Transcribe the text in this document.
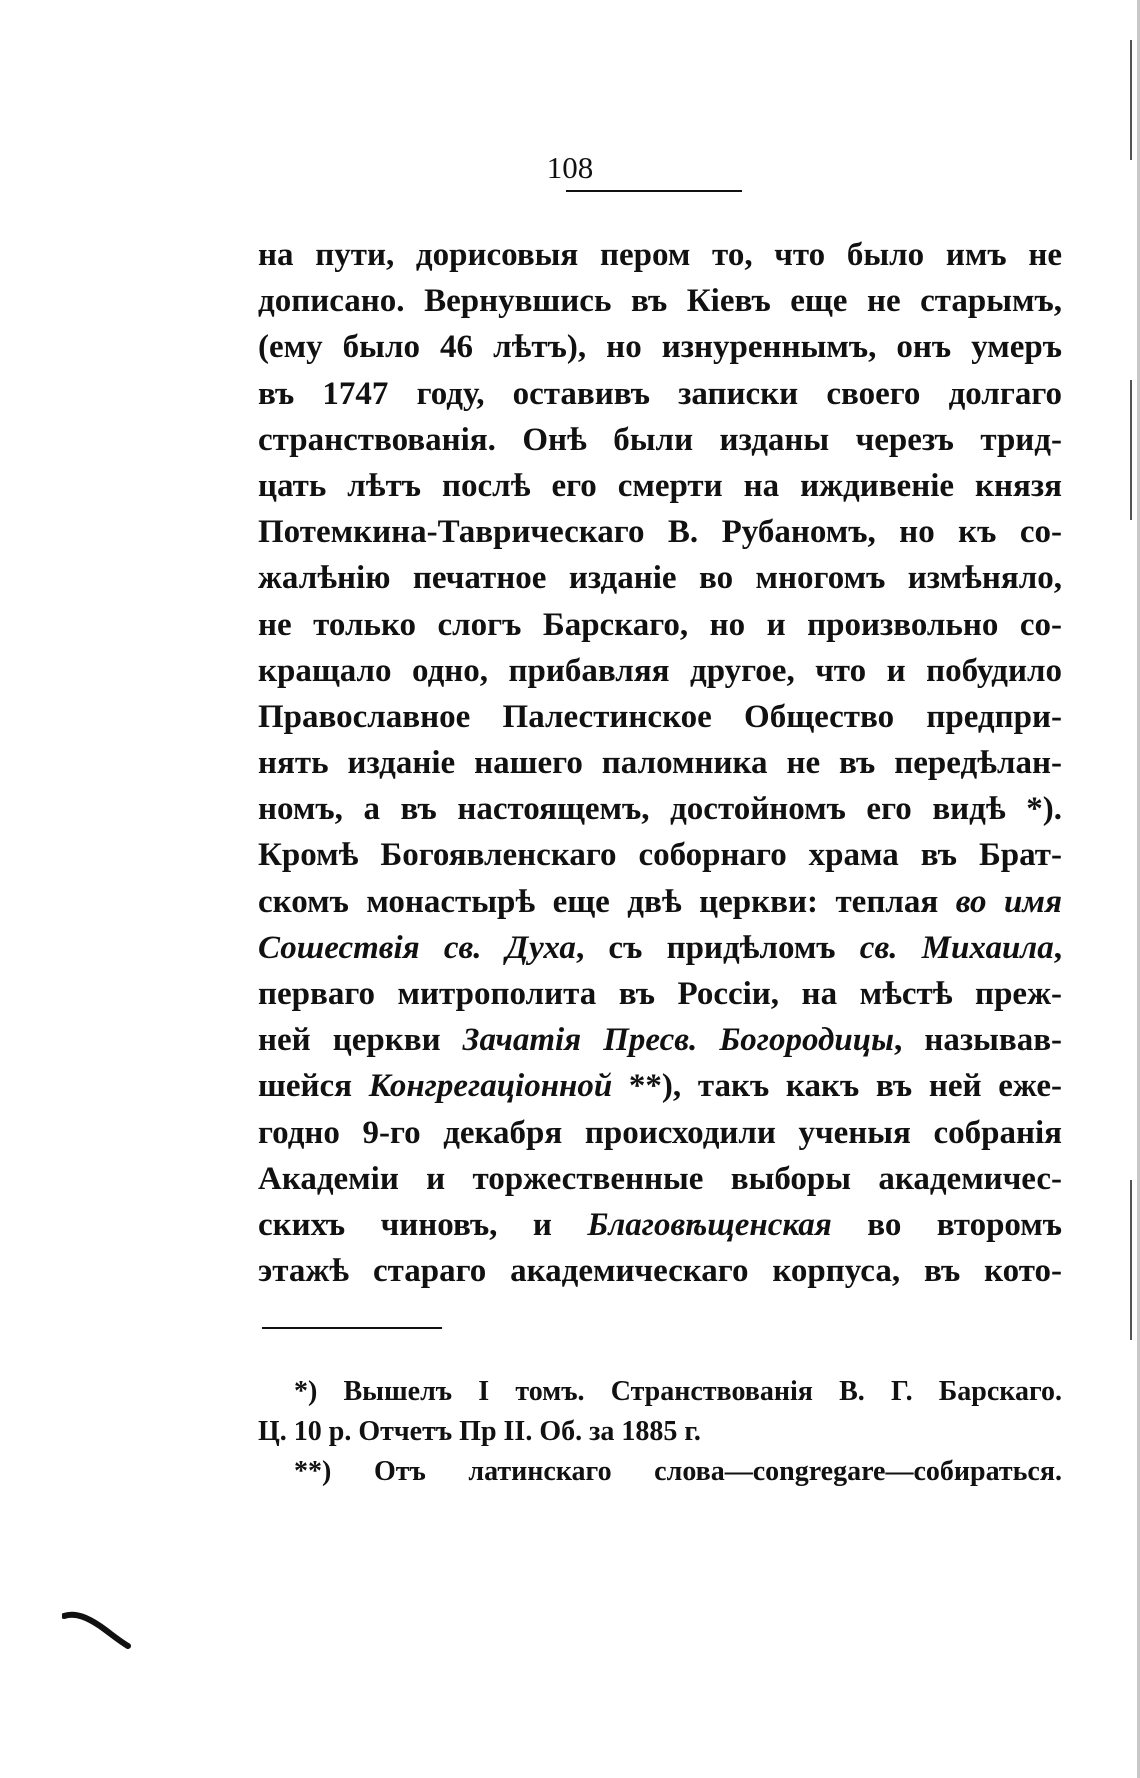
108
на пути, дорисовыя пером то, что было имъ не
дописано. Вернувшись въ Кіевъ еще не старымъ,
(ему было 46 лѣтъ), но изнуреннымъ, онъ умеръ
въ 1747 году, оставивъ записки своего долгаго
странствованія. Онѣ были изданы черезъ трид-
цать лѣтъ послѣ его смерти на иждивеніе князя
Потемкина-Таврическаго В. Рубаномъ, но къ со-
жалѣнію печатное изданіе во многомъ измѣняло,
не только слогъ Барскаго, но и произвольно со-
кращало одно, прибавляя другое, что и побудило
Православное Палестинское Общество предпри-
нять изданіе нашего паломника не въ передѣлан-
номъ, а въ настоящемъ, достойномъ его видѣ *).
Кромѣ Богоявленскаго соборнаго храма въ Брат-
скомъ монастырѣ еще двѣ церкви: теплая во имя
Сошествія св. Духа, съ придѣломъ св. Михаила,
перваго митрополита въ Россіи, на мѣстѣ преж-
ней церкви Зачатія Пресв. Богородицы, называв-
шейся Конгрегаціонной **), такъ какъ въ ней еже-
годно 9-го декабря происходили ученыя собранія
Академіи и торжественные выборы академичес-
скихъ чиновъ, и Благовѣщенская во второмъ
этажѣ стараго академическаго корпуса, въ кото-
*) Вышелъ I томъ. Странствованія В. Г. Барскаго.
Ц. 10 р. Отчетъ Пр II. Об. за 1885 г.
**) Отъ латинскаго слова—congregare—собираться.
